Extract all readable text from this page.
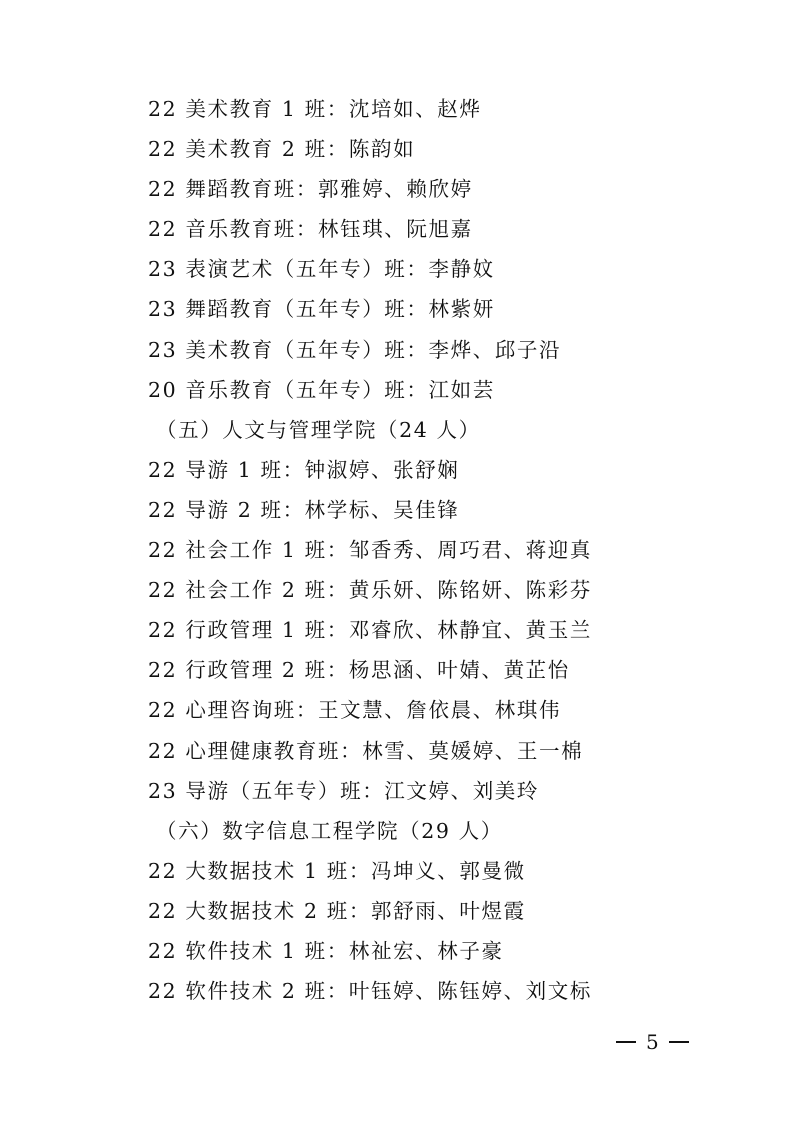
22 美术教育 1 班：沈培如、赵烨
22 美术教育 2 班：陈韵如
22 舞蹈教育班：郭雅婷、赖欣婷
22 音乐教育班：林钰琪、阮旭嘉
23 表演艺术（五年专）班：李静妏
23 舞蹈教育（五年专）班：林紫妍
23 美术教育（五年专）班：李烨、邱子沿
20 音乐教育（五年专）班：江如芸
（五）人文与管理学院（24 人）
22 导游 1 班：钟淑婷、张舒娴
22 导游 2 班：林学标、吴佳锋
22 社会工作 1 班：邹香秀、周巧君、蒋迎真
22 社会工作 2 班：黄乐妍、陈铭妍、陈彩芬
22 行政管理 1 班：邓睿欣、林静宜、黄玉兰
22 行政管理 2 班：杨思涵、叶婧、黄芷怡
22 心理咨询班：王文慧、詹依晨、林琪伟
22 心理健康教育班：林雪、莫媛婷、王一棉
23 导游（五年专）班：江文婷、刘美玲
（六）数字信息工程学院（29 人）
22 大数据技术 1 班：冯坤义、郭曼微
22 大数据技术 2 班：郭舒雨、叶煜霞
22 软件技术 1 班：林祉宏、林子豪
22 软件技术 2 班：叶钰婷、陈钰婷、刘文标
5
